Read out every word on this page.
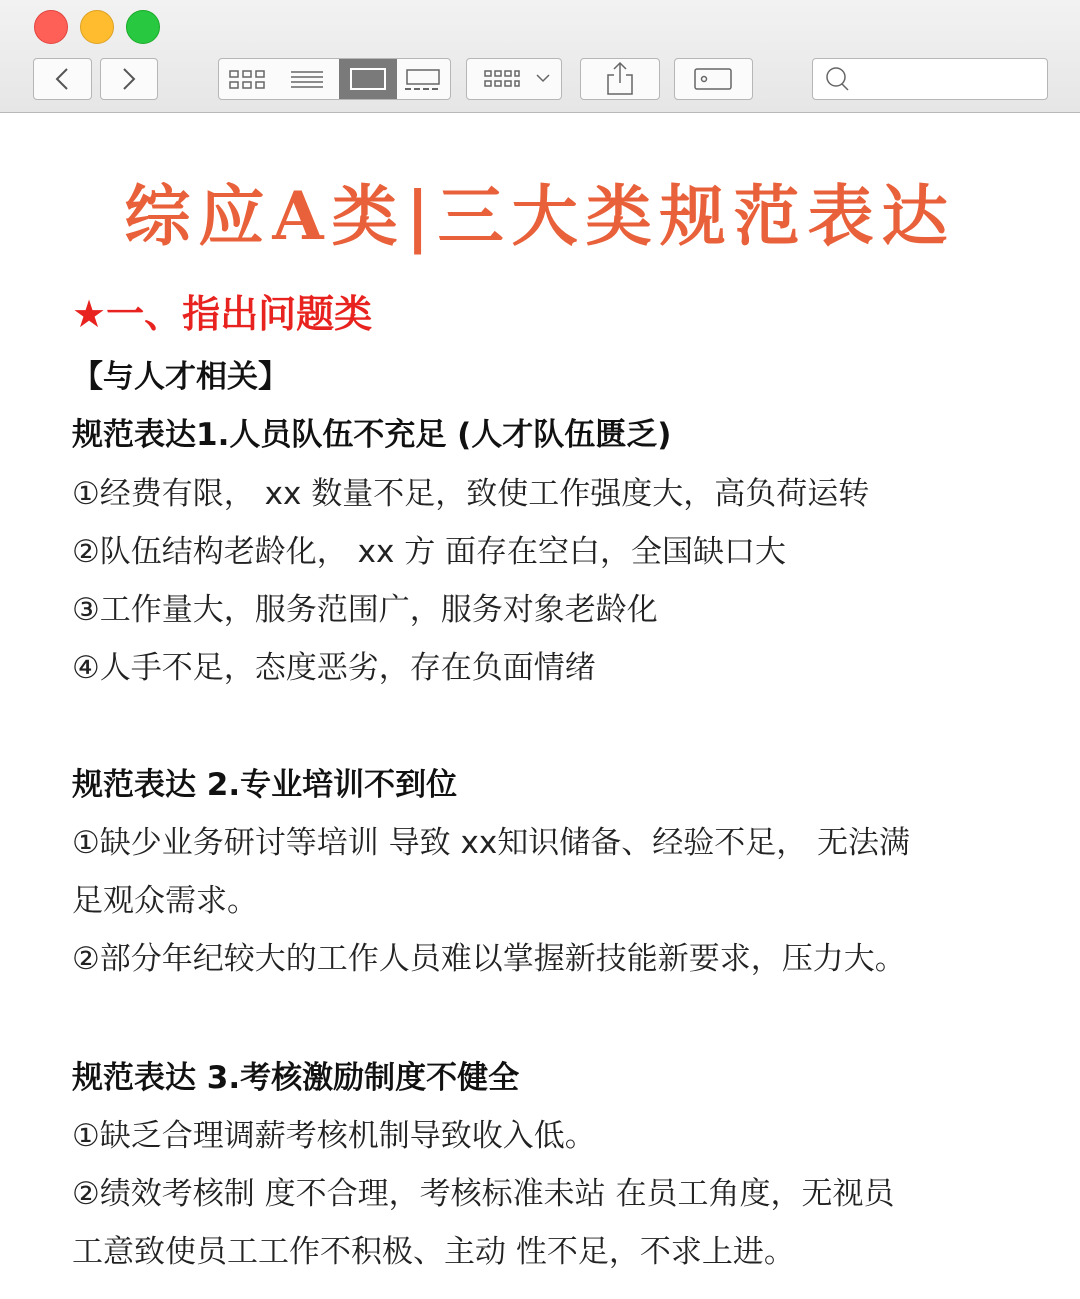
综应A类|三大类规范表达
★一、指出问题类
【与人才相关】
规范表达1.人员队伍不充足 (人才队伍匮乏)
①经费有限， xx 数量不足，致使工作强度大，高负荷运转
②队伍结构老龄化， xx 方 面存在空白，全国缺口大
③工作量大，服务范围广，服务对象老龄化
④人手不足，态度恶劣，存在负面情绪
规范表达 2.专业培训不到位
①缺少业务研讨等培训 导致 xx知识储备、经验不足， 无法满
足观众需求。
②部分年纪较大的工作人员难以掌握新技能新要求，压力大。
规范表达 3.考核激励制度不健全
①缺乏合理调薪考核机制导致收入低。
②绩效考核制 度不合理，考核标准未站 在员工角度，无视员
工意致使员工工作不积极、主动 性不足，不求上进。
